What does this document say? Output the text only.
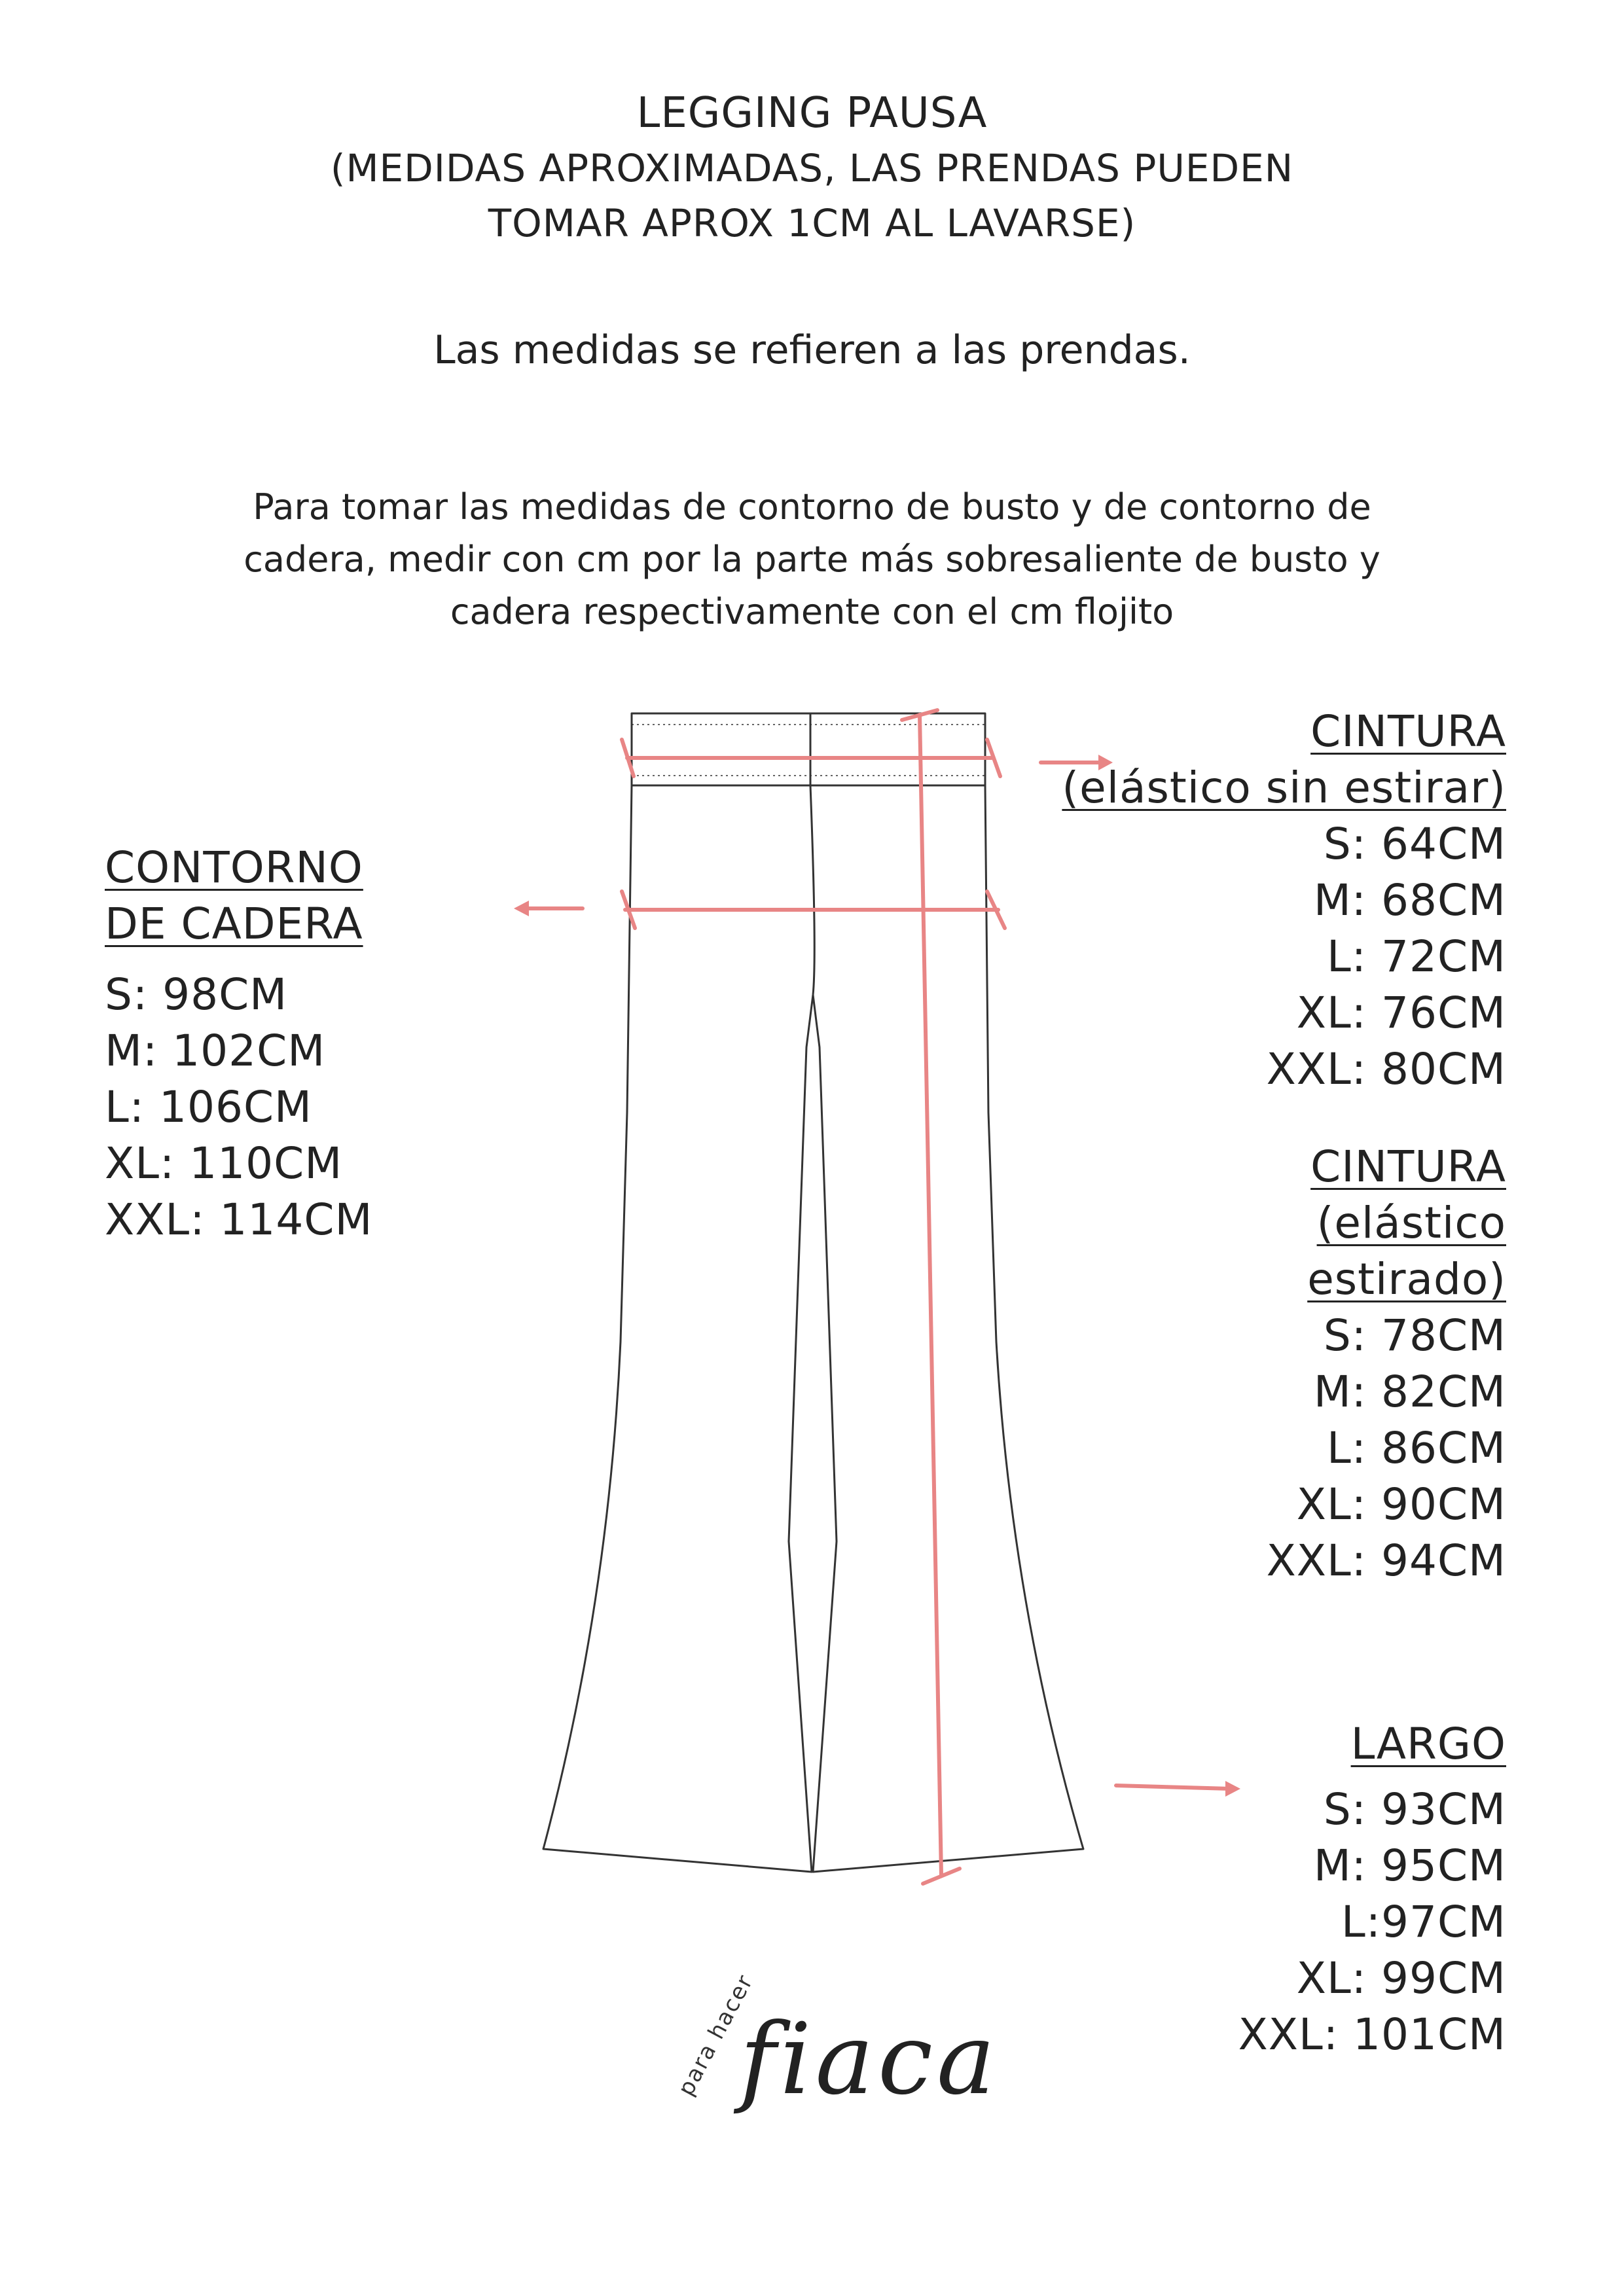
LEGGING PAUSA
(MEDIDAS APROXIMADAS, LAS PRENDAS PUEDEN
TOMAR APROX 1CM AL LAVARSE)
Las medidas se refieren a las prendas.
Para tomar las medidas de contorno de busto y de contorno de
cadera, medir con cm por la parte más sobresaliente de busto y
cadera respectivamente con el cm flojito
CONTORNO
DE CADERA
S: 98CM
M: 102CM
L: 106CM
XL: 110CM
XXL: 114CM
CINTURA
(elástico sin estirar)
S: 64CM
M: 68CM
L: 72CM
XL: 76CM
XXL: 80CM
CINTURA
(elástico
estirado)
S: 78CM
M: 82CM
L: 86CM
XL: 90CM
XXL: 94CM
LARGO
S: 93CM
M: 95CM
L:97CM
XL: 99CM
XXL: 101CM
para hacer
fiaca
